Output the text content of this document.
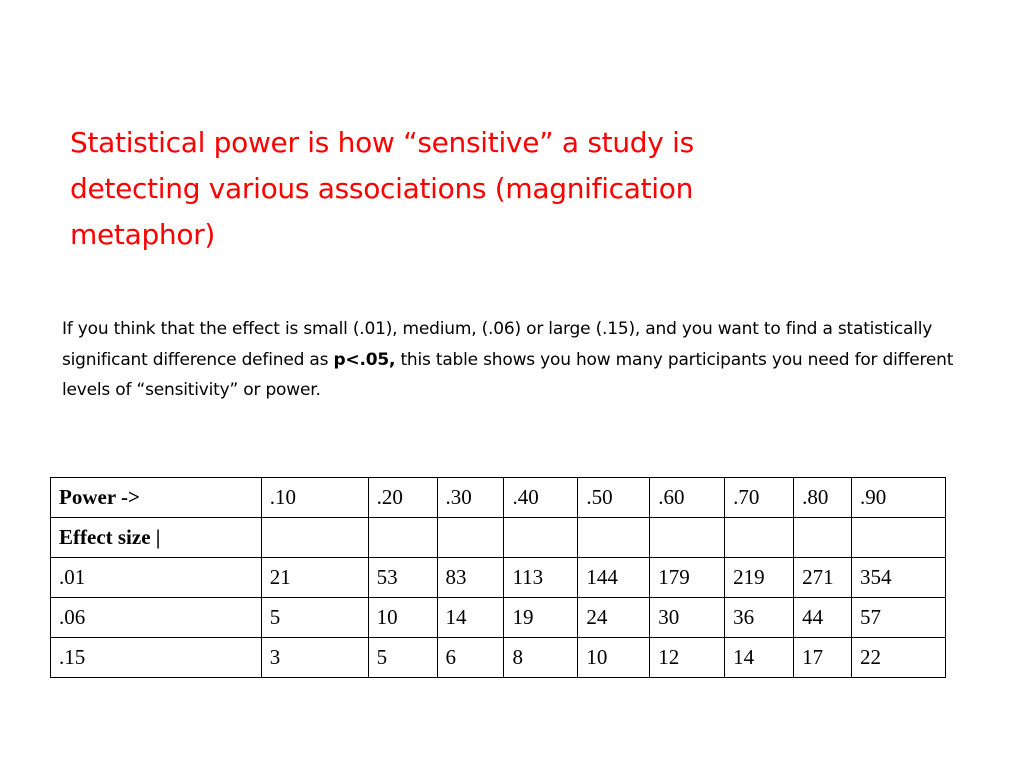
Statistical power is how “sensitive” a study is detecting various associations (magnification metaphor)

If you think that the effect is small (.01), medium, (.06) or large (.15), and you want to find a statistically significant difference defined as p<.05, this table shows you how many participants you need for different levels of “sensitivity” or power.

Power ->	.10	.20	.30	.40	.50	.60	.70	.80	.90
Effect size |									
.01	21	53	83	113	144	179	219	271	354
.06	5	10	14	19	24	30	36	44	57
.15	3	5	6	8	10	12	14	17	22
